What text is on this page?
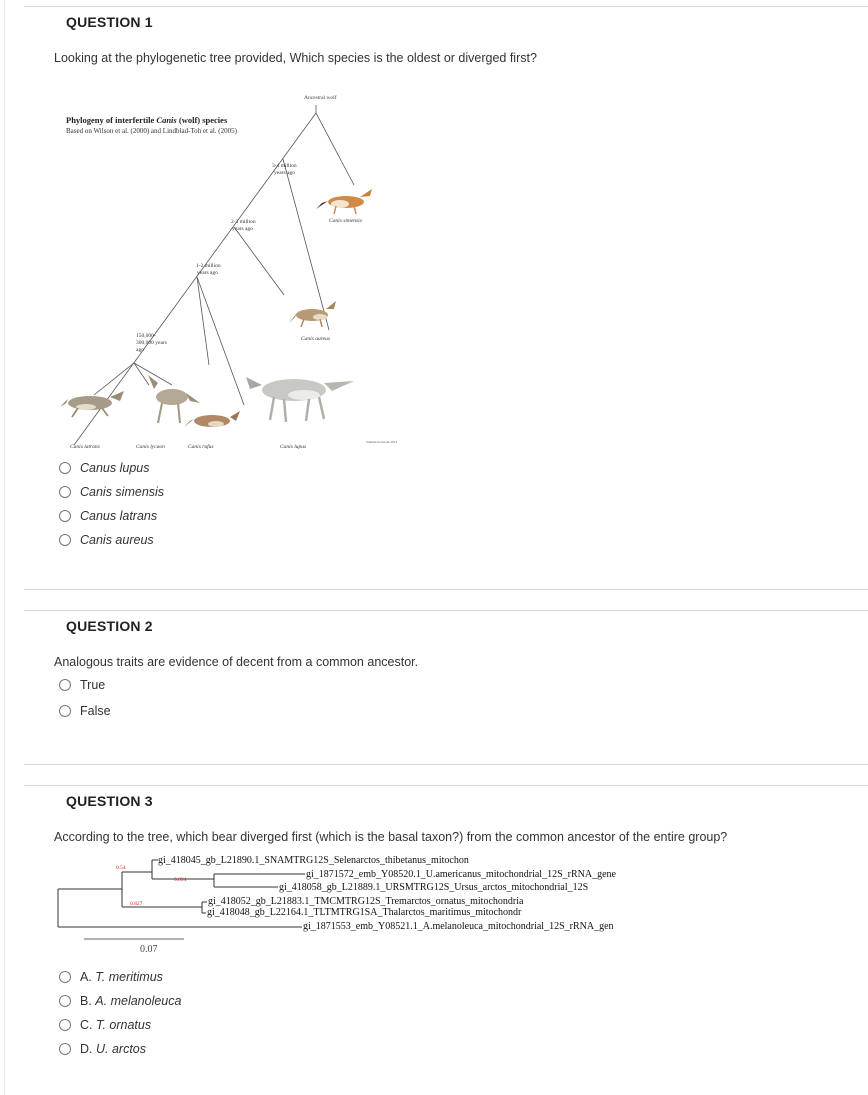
QUESTION 1
Looking at the phylogenetic tree provided, Which species is the oldest or diverged first?
Phylogeny of interfertile Canis (wolf) species
Based on Wilson et al. (2000) and Lindblad-Toh et al. (2005)
Ancestral wolf
3-4 million
years ago
2-3 million
years ago
1-2 million
years ago
150,000-
300,000 years
ago
Canis simensis
Canis aureus
Canis lupus
Canis latrans	Canis lycaon	Canis rufus
Samuel Kortroth 2014
Canus lupus
Canis simensis
Canus latrans
Canis aureus
QUESTION 2
Analogous traits are evidence of decent from a common ancestor.
True
False
QUESTION 3
According to the tree, which bear diverged first (which is the basal taxon?) from the common ancestor of the entire group?
gi_418045_gb_L21890.1_SNAMTRG12S_Selenarctos_thibetanus_mitochon
gi_1871572_emb_Y08520.1_U.americanus_mitochondrial_12S_rRNA_gene
gi_418058_gb_L21889.1_URSMTRG12S_Ursus_arctos_mitochondrial_12S
gi_418052_gb_L21883.1_TMCMTRG12S_Tremarctos_ornatus_mitochondria
gi_418048_gb_L22164.1_TLTMTRG1SA_Thalarctos_maritimus_mitochondr
gi_1871553_emb_Y08521.1_A.melanoleuca_mitochondrial_12S_rRNA_gen
0.54
0.894
0.827
0.07
A. T. meritimus
B. A. melanoleuca
C. T. ornatus
D. U. arctos
